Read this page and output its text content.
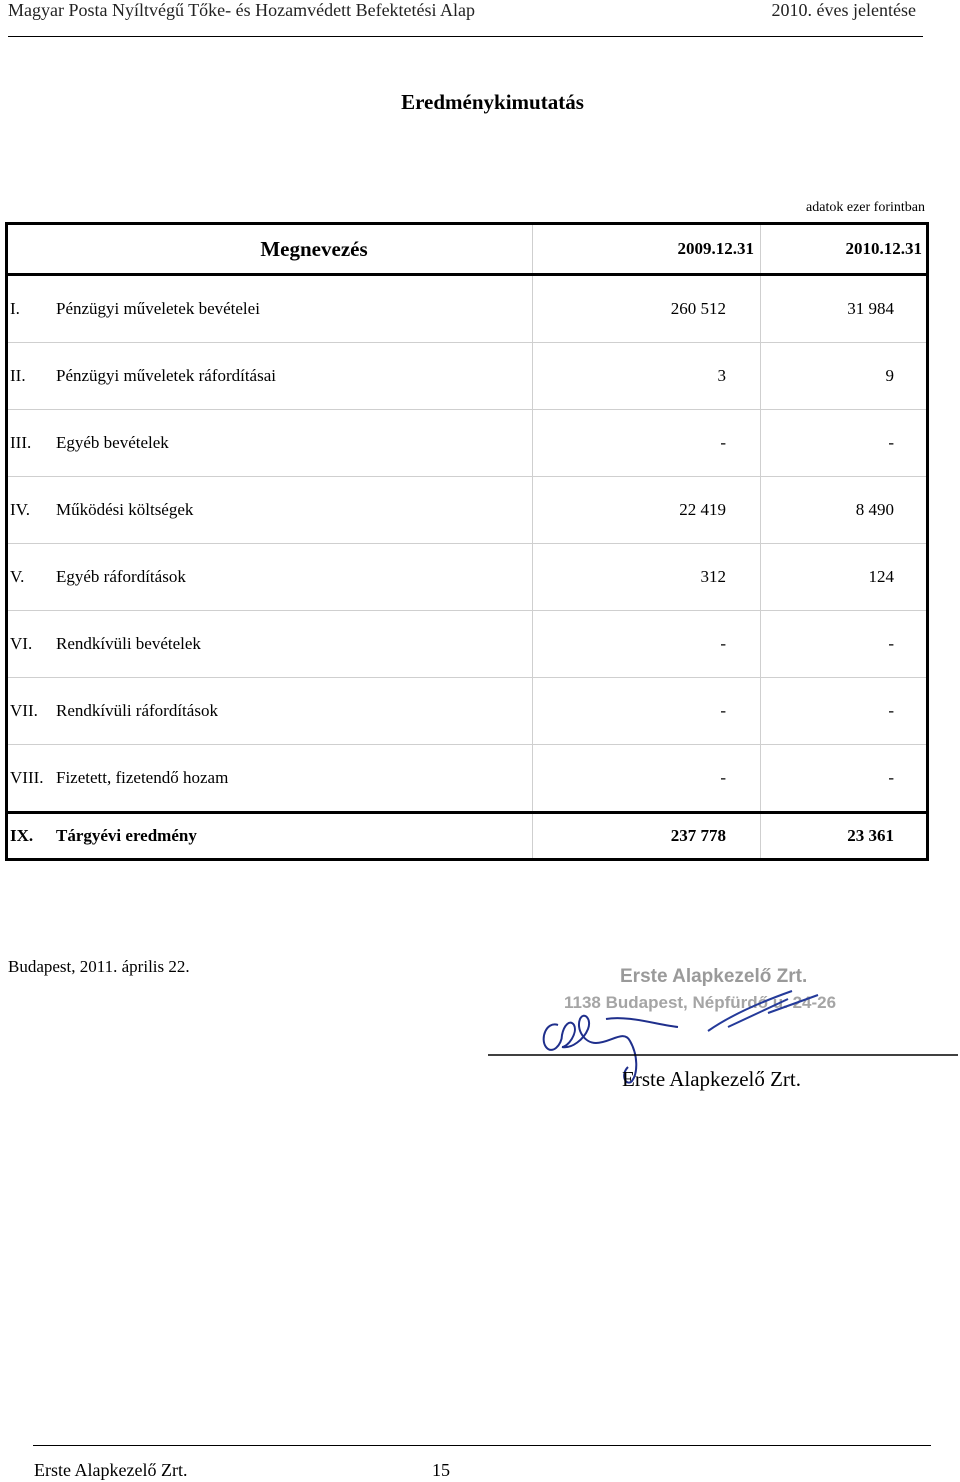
Magyar Posta Nyíltvégű Tőke- és Hozamvédett Befektetési Alap	2010. éves jelentése
Eredménykimutatás
adatok ezer forintban
	Megnevezés	2009.12.31	2010.12.31
I.	Pénzügyi műveletek bevételei	260 512	31 984
II.	Pénzügyi műveletek ráfordításai	3	9
III.	Egyéb bevételek	-	-
IV.	Működési költségek	22 419	8 490
V.	Egyéb ráfordítások	312	124
VI.	Rendkívüli bevételek	-	-
VII.	Rendkívüli ráfordítások	-	-
VIII.	Fizetett, fizetendő hozam	-	-
IX.	Tárgyévi eredmény	237 778	23 361
Budapest, 2011. április 22.	Erste Alapkezelő Zrt.
1138 Budapest, Népfürdő u. 24-26
Erste Alapkezelő Zrt.
Erste Alapkezelő Zrt.	15
